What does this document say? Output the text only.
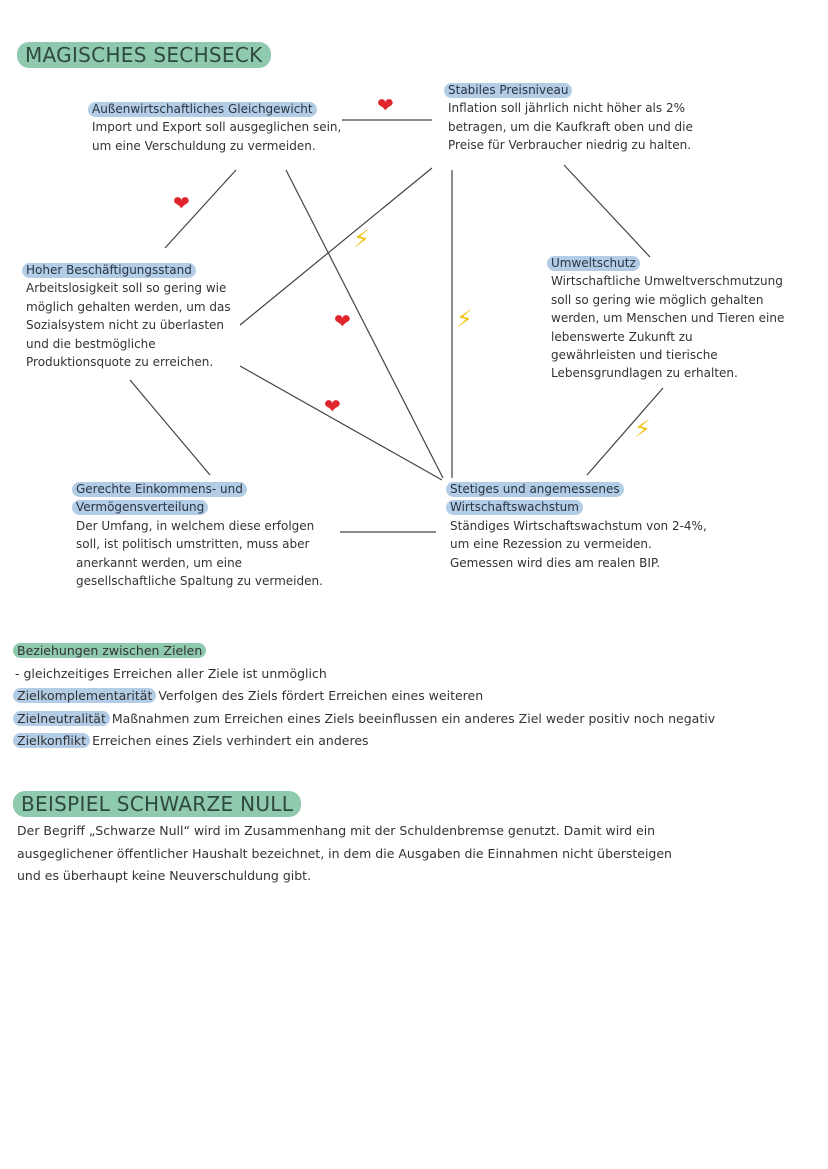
MAGISCHES SECHSECK
❤
❤
❤
❤
⚡
⚡
⚡
Außenwirtschaftliches Gleichgewicht

Import und Export soll ausgeglichen sein,
um eine Verschuldung zu vermeiden.

Stabiles Preisniveau

Inflation soll jährlich nicht höher als 2%
betragen, um die Kaufkraft oben und die
Preise für Verbraucher niedrig zu halten.

Hoher Beschäftigungsstand

Arbeitslosigkeit soll so gering wie
möglich gehalten werden, um das
Sozialsystem nicht zu überlasten
und die bestmögliche
Produktionsquote zu erreichen.

Umweltschutz

Wirtschaftliche Umweltverschmutzung
soll so gering wie möglich gehalten
werden, um Menschen und Tieren eine
lebenswerte Zukunft zu
gewährleisten und tierische
Lebensgrundlagen zu erhalten.

Gerechte Einkommens- und
Vermögensverteilung

Der Umfang, in welchem diese erfolgen
soll, ist politisch umstritten, muss aber
anerkannt werden, um eine
gesellschaftliche Spaltung zu vermeiden.

Stetiges und angemessenes
Wirtschaftswachstum

Ständiges Wirtschaftswachstum von 2-4%,
um eine Rezession zu vermeiden.
Gemessen wird dies am realen BIP.

Beziehungen zwischen Zielen
- gleichzeitiges Erreichen aller Ziele ist unmöglich
Zielkomplementarität Verfolgen des Ziels fördert Erreichen eines weiteren
Zielneutralität Maßnahmen zum Erreichen eines Ziels beeinflussen ein anderes Ziel weder positiv noch negativ
Zielkonflikt Erreichen eines Ziels verhindert ein anderes
BEISPIEL SCHWARZE NULL

Der Begriff „Schwarze Null“ wird im Zusammenhang mit der Schuldenbremse genutzt. Damit wird ein ausgeglichener öffentlicher Haushalt bezeichnet, in dem die Ausgaben die Einnahmen nicht übersteigen und es überhaupt keine Neuverschuldung gibt.
